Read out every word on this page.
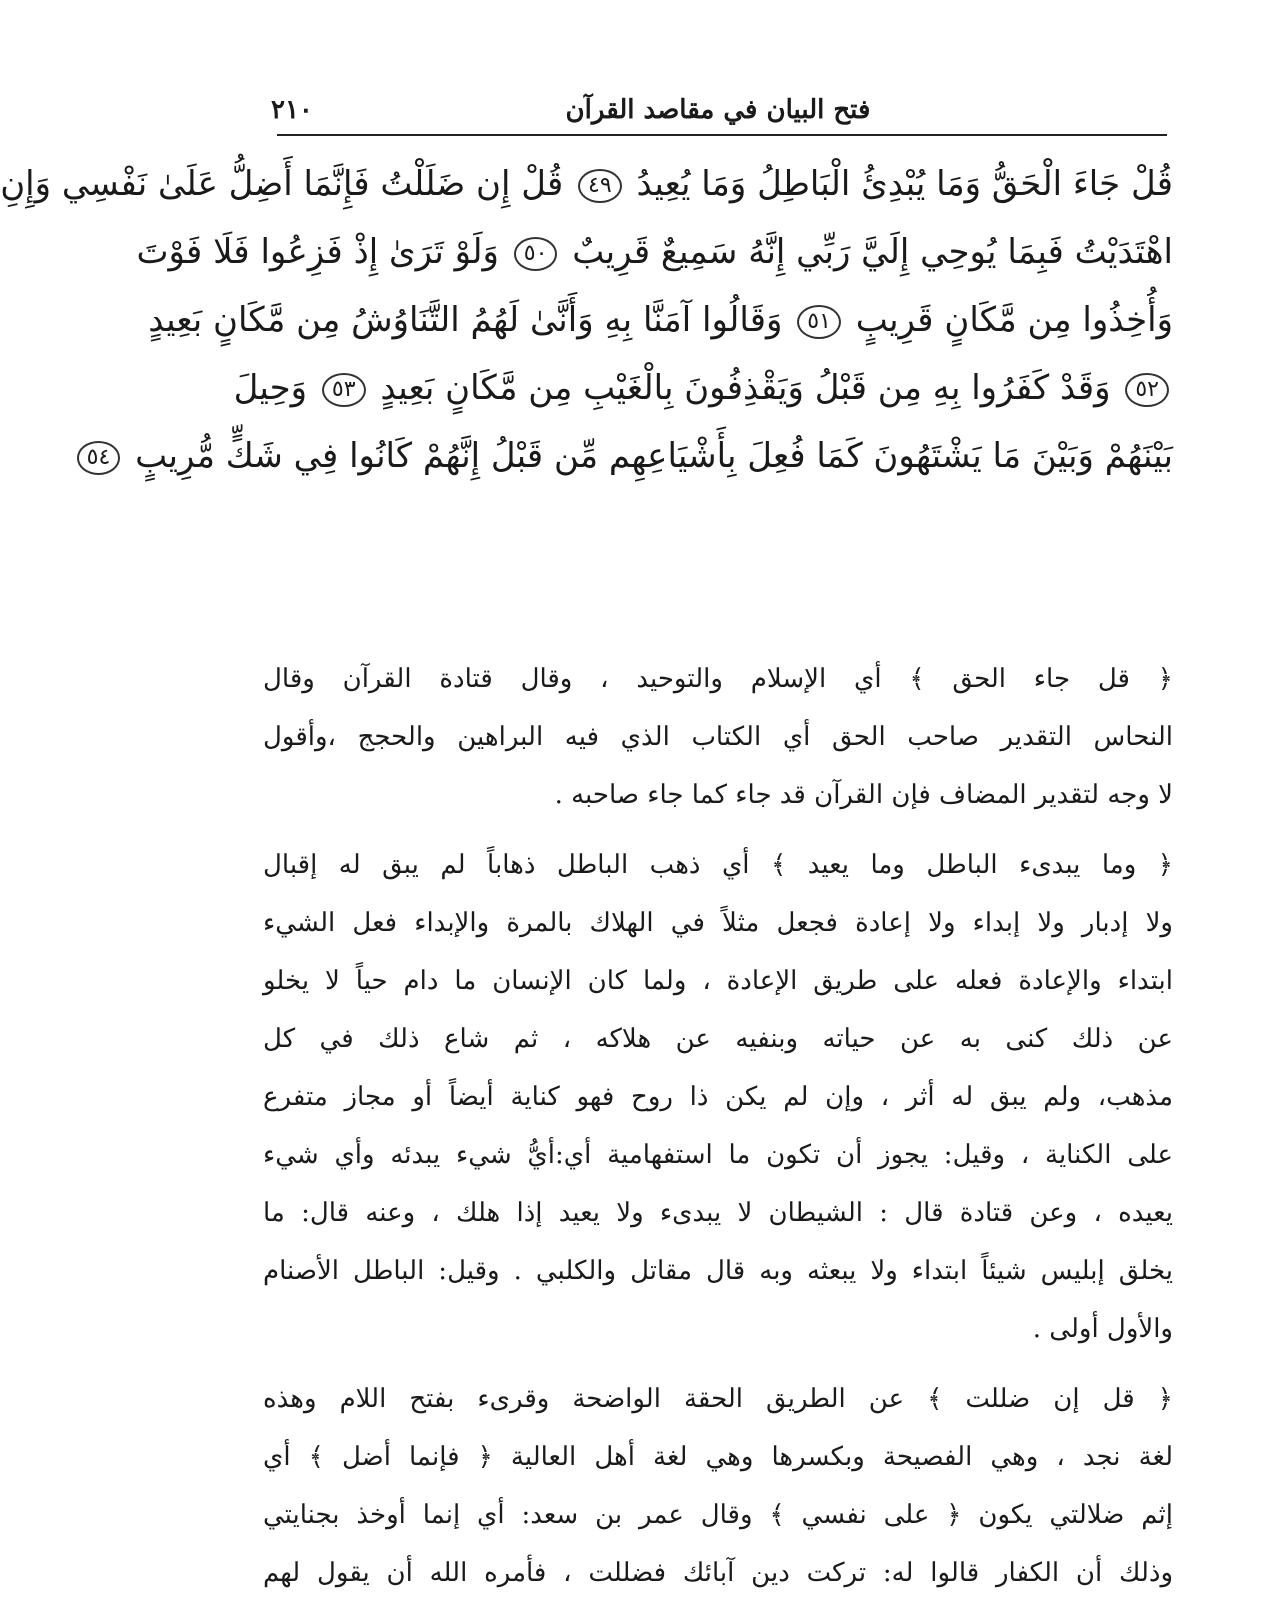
فتح البيان في مقاصد القرآن
٢١٠
قُلْ جَاءَ الْحَقُّ وَمَا يُبْدِئُ الْبَاطِلُ وَمَا يُعِيدُ ٤٩ قُلْ إِن ضَلَلْتُ فَإِنَّمَا أَضِلُّ عَلَىٰ نَفْسِي وَإِنِ
اهْتَدَيْتُ فَبِمَا يُوحِي إِلَيَّ رَبِّي إِنَّهُ سَمِيعٌ قَرِيبٌ ٥٠ وَلَوْ تَرَىٰ إِذْ فَزِعُوا فَلَا فَوْتَ
وَأُخِذُوا مِن مَّكَانٍ قَرِيبٍ ٥١ وَقَالُوا آمَنَّا بِهِ وَأَنَّىٰ لَهُمُ التَّنَاوُشُ مِن مَّكَانٍ بَعِيدٍ
٥٢ وَقَدْ كَفَرُوا بِهِ مِن قَبْلُ وَيَقْذِفُونَ بِالْغَيْبِ مِن مَّكَانٍ بَعِيدٍ ٥٣ وَحِيلَ
بَيْنَهُمْ وَبَيْنَ مَا يَشْتَهُونَ كَمَا فُعِلَ بِأَشْيَاعِهِم مِّن قَبْلُ إِنَّهُمْ كَانُوا فِي شَكٍّ مُّرِيبٍ ٥٤
﴿ قل جاء الحق ﴾ أي الإسلام والتوحيد ، وقال قتادة القرآن وقال
النحاس التقدير صاحب الحق أي الكتاب الذي فيه البراهين والحجج ،وأقول
لا وجه لتقدير المضاف فإن القرآن قد جاء كما جاء صاحبه .
﴿ وما يبدىء الباطل وما يعيد ﴾ أي ذهب الباطل ذهاباً لم يبق له إقبال
ولا إدبار ولا إبداء ولا إعادة فجعل مثلاً في الهلاك بالمرة والإبداء فعل الشيء
ابتداء والإعادة فعله على طريق الإعادة ، ولما كان الإنسان ما دام حياً لا يخلو
عن ذلك كنى به عن حياته وبنفيه عن هلاكه ، ثم شاع ذلك في كل
مذهب، ولم يبق له أثر ، وإن لم يكن ذا روح فهو كناية أيضاً أو مجاز متفرع
على الكناية ، وقيل: يجوز أن تكون ما استفهامية أي:أيُّ شيء يبدئه وأي شيء
يعيده ، وعن قتادة قال : الشيطان لا يبدىء ولا يعيد إذا هلك ، وعنه قال: ما
يخلق إبليس شيئاً ابتداء ولا يبعثه وبه قال مقاتل والكلبي . وقيل: الباطل الأصنام
والأول أولى .
﴿ قل إن ضللت ﴾ عن الطريق الحقة الواضحة وقرىء بفتح اللام وهذه
لغة نجد ، وهي الفصيحة وبكسرها وهي لغة أهل العالية ﴿ فإنما أضل ﴾ أي
إثم ضلالتي يكون ﴿ على نفسي ﴾ وقال عمر بن سعد: أي إنما أوخذ بجنايتي
وذلك أن الكفار قالوا له: تركت دين آبائك فضللت ، فأمره الله أن يقول لهم
